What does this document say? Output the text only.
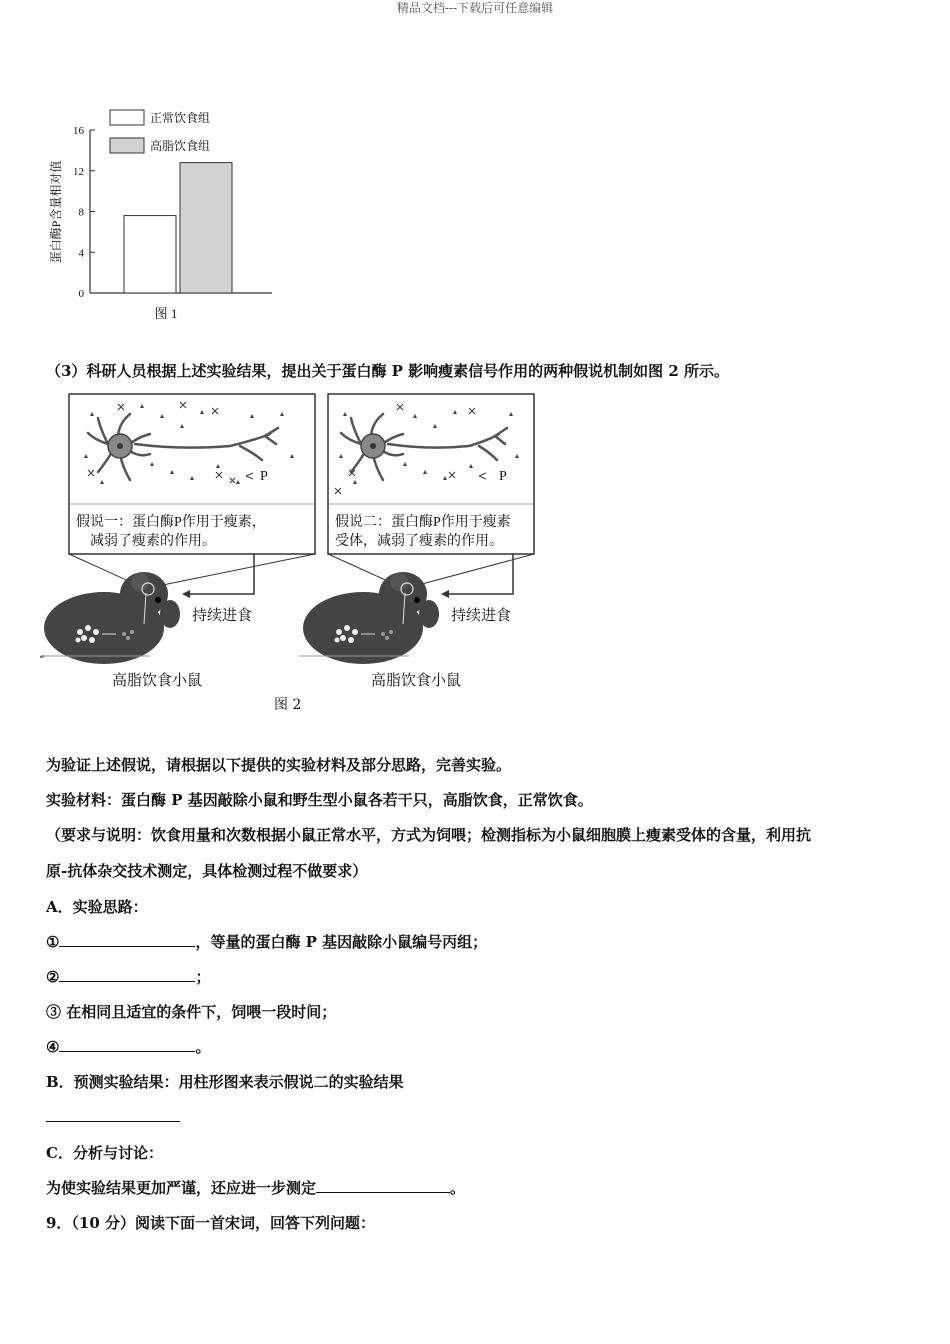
精品文档---下载后可任意编辑
0
4
8
12
16
蛋白酶P含量相对值
正常饮食组
高脂饮食组
图 1
（3）科研人员根据上述实验结果，提出关于蛋白酶 P 影响瘦素信号作用的两种假说机制如图 2 所示。
P
假说一：蛋白酶P作用于瘦素，
减弱了瘦素的作用。
持续进食
高脂饮食小鼠
P
假说二：蛋白酶P作用于瘦素
受体，减弱了瘦素的作用。
持续进食
高脂饮食小鼠
图 2
为验证上述假说，请根据以下提供的实验材料及部分思路，完善实验。
实验材料：蛋白酶 P 基因敲除小鼠和野生型小鼠各若干只，高脂饮食，正常饮食。
（要求与说明：饮食用量和次数根据小鼠正常水平，方式为饲喂；检测指标为小鼠细胞膜上瘦素受体的含量，利用抗
原-抗体杂交技术测定，具体检测过程不做要求）
A．实验思路：
①	，等量的蛋白酶 P 基因敲除小鼠编号丙组；
②	；
③ 在相同且适宜的条件下，饲喂一段时间；
④	。
B．预测实验结果：用柱形图来表示假说二的实验结果
C．分析与讨论：
为使实验结果更加严谨，还应进一步测定	。
9．（10 分）阅读下面一首宋词，回答下列问题：
